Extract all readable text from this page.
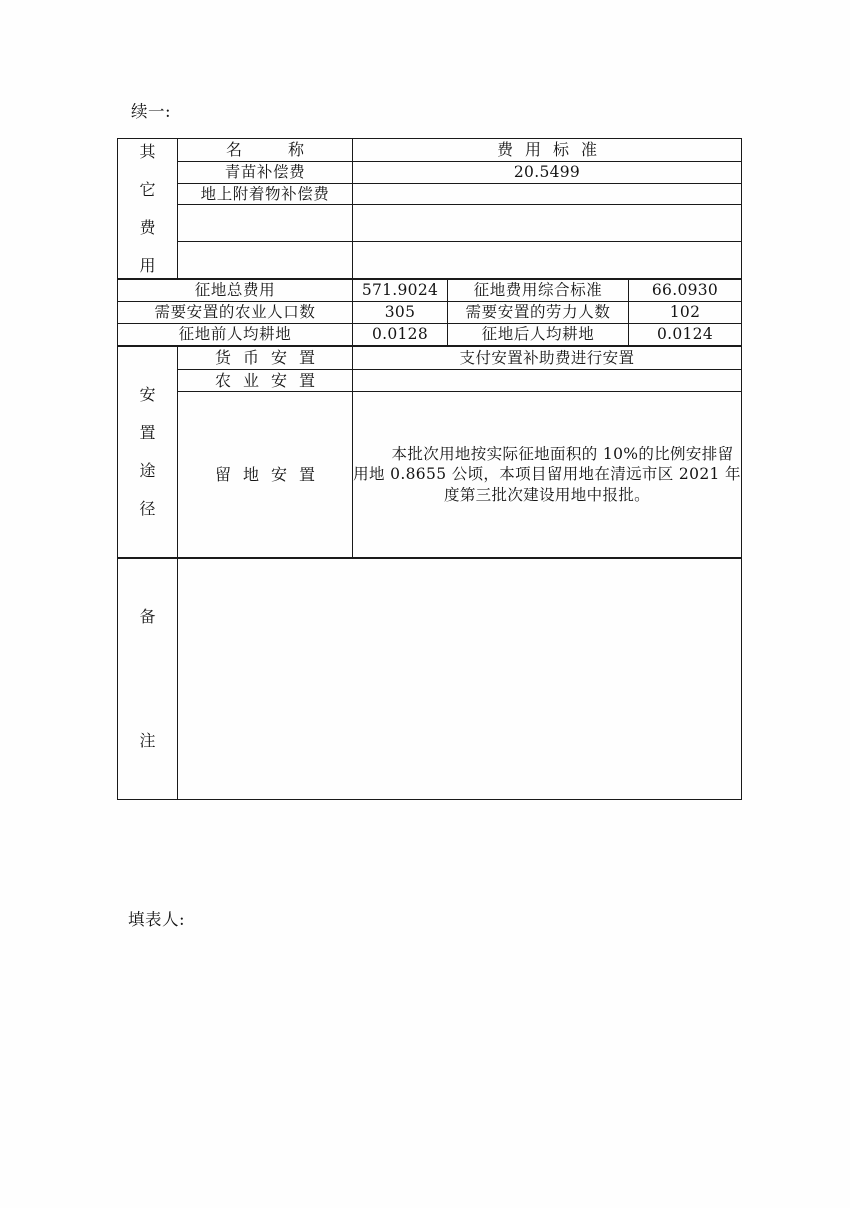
续一:
其
它
费
用	名　称	费用标准
	青苗补偿费	20.5499
	地上附着物补偿费	

征地总费用	571.9024	征地费用综合标准	66.0930
需要安置的农业人口数	305	需要安置的劳力人数	102
征地前人均耕地	0.0128	征地后人均耕地	0.0124
安
置
途
径	货币安置	支付安置补助费进行安置
	农业安置	
	留地安置	本批次用地按实际征地面积的 10%的比例安排留用地 0.8655 公顷，本项目留用地在清远市区 2021 年度第三批次建设用地中报批。
备
注

填表人:
